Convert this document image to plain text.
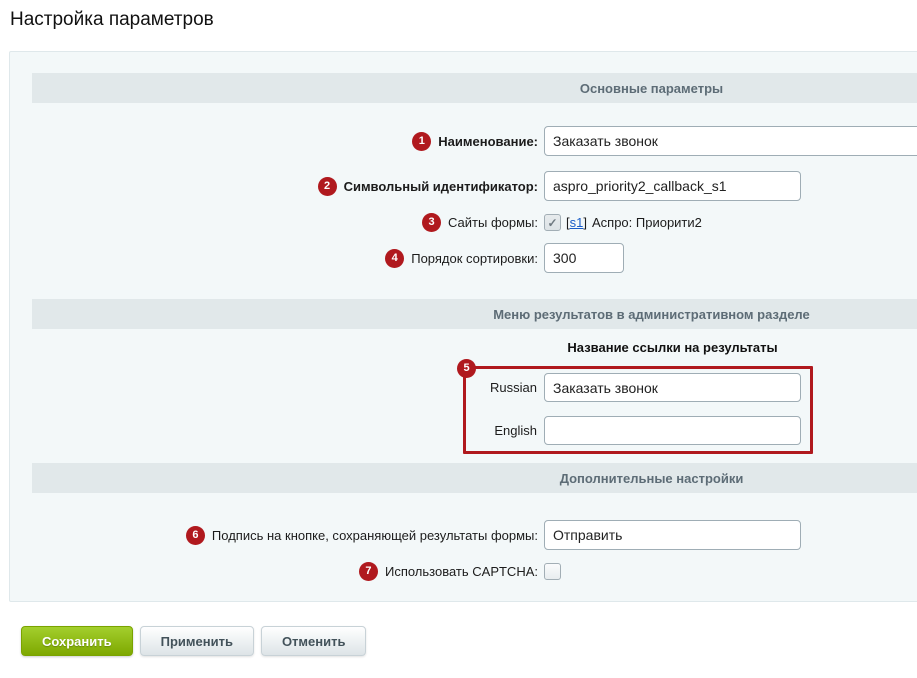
Настройка параметров
Основные параметры
1	Наименование:
Заказать звонок
2	Символьный идентификатор:
aspro_priority2_callback_s1
3	Сайты формы: ✓ [ s1 ] Аспро: Приорити2
4	Порядок сортировки:
300
Меню результатов в административном разделе
Название ссылки на результаты
5
Russian
Заказать звонок
English
Дополнительные настройки
6	Подпись на кнопке, сохраняющей результаты формы:
Отправить
7	Использовать CAPTCHA:
Сохранить	Применить	Отменить
